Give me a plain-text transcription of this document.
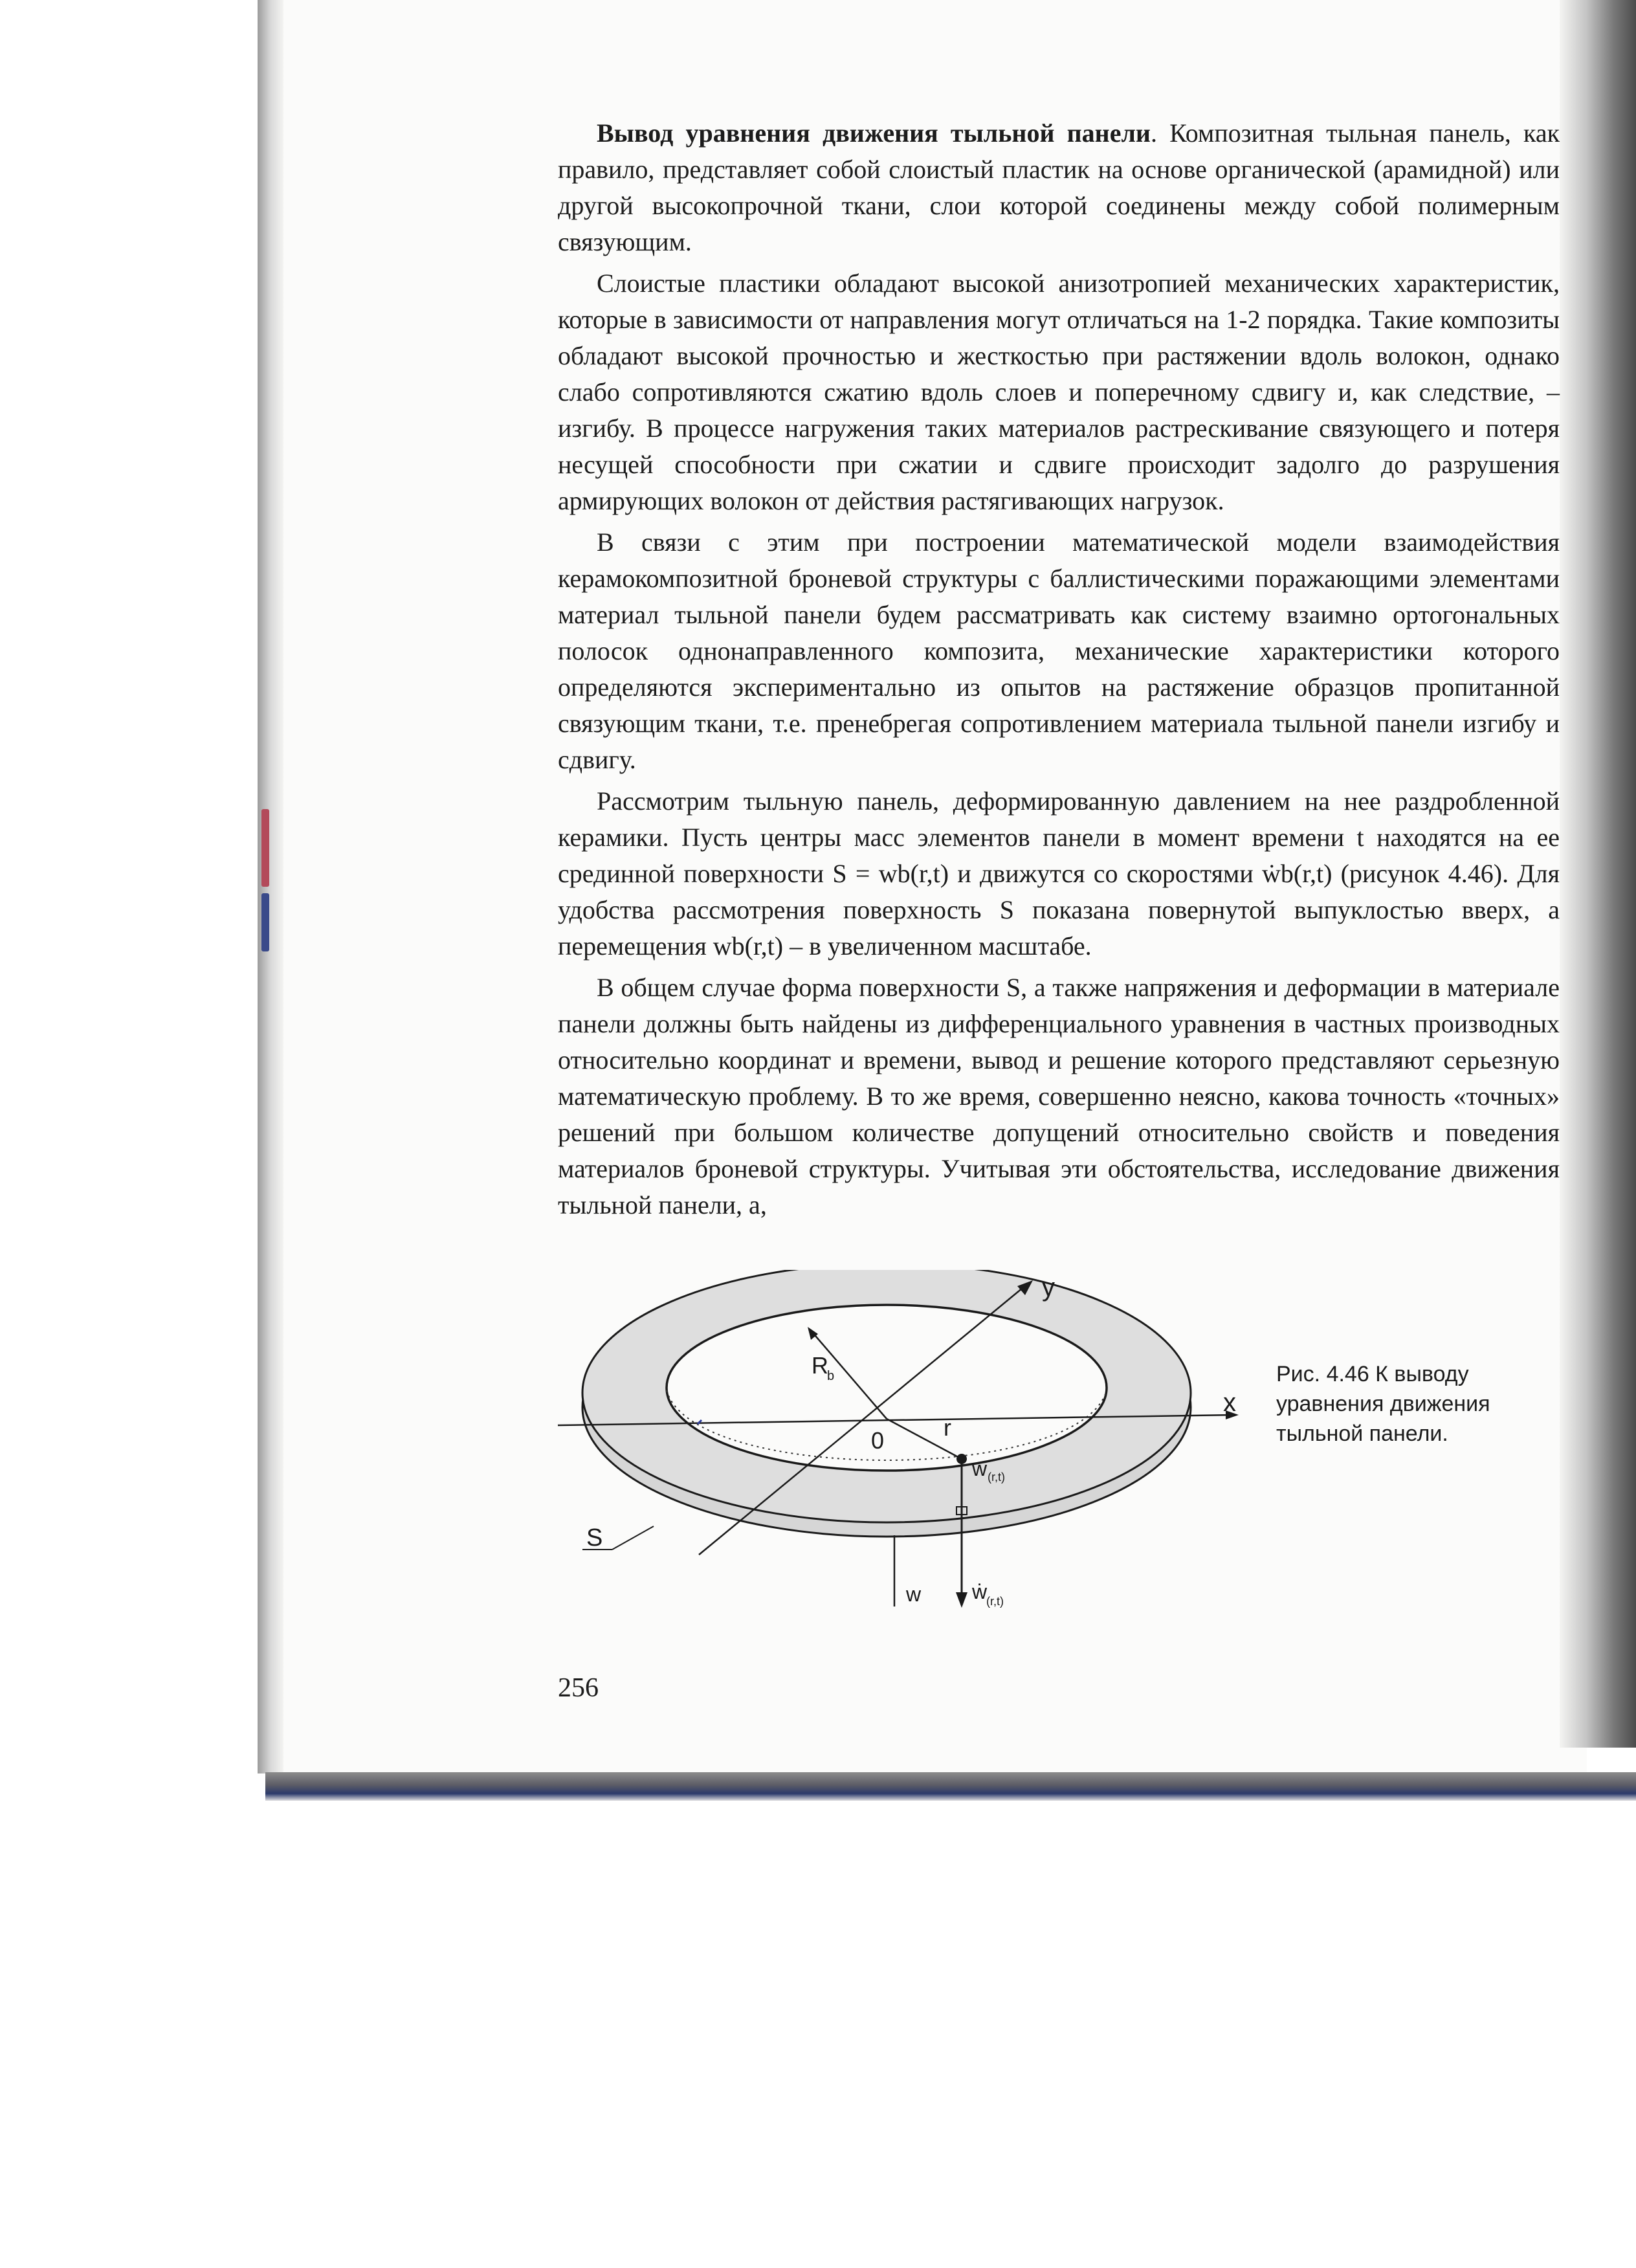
Вывод уравнения движения тыльной панели. Композитная тыльная панель, как правило, представляет собой слоистый пластик на основе органической (арамидной) или другой высокопрочной ткани, слои которой соединены между собой полимерным связующим.

Слоистые пластики обладают высокой анизотропией механических характеристик, которые в зависимости от направления могут отличаться на 1-2 порядка. Такие композиты обладают высокой прочностью и жесткостью при растяжении вдоль волокон, однако слабо сопротивляются сжатию вдоль слоев и поперечному сдвигу и, как следствие, – изгибу. В процессе нагружения таких материалов растрескивание связующего и потеря несущей способности при сжатии и сдвиге происходит задолго до разрушения армирующих волокон от действия растягивающих нагрузок.

В связи с этим при построении математической модели взаимодействия керамокомпозитной броневой структуры с баллистическими поражающими элементами материал тыльной панели будем рассматривать как систему взаимно ортогональных полосок однонаправленного композита, механические характеристики которого определяются экспериментально из опытов на растяжение образцов пропитанной связующим ткани, т.е. пренебрегая сопротивлением материала тыльной панели изгибу и сдвигу.

Рассмотрим тыльную панель, деформированную давлением на нее раздробленной керамики. Пусть центры масс элементов панели в момент времени t находятся на ее срединной поверхности S = wb(r,t) и движутся со скоростями ẇb(r,t) (рисунок 4.46). Для удобства рассмотрения поверхность S показана повернутой выпуклостью вверх, а перемещения wb(r,t) – в увеличенном масштабе.

В общем случае форма поверхности S, а также напряжения и деформации в материале панели должны быть найдены из дифференциального уравнения в частных производных относительно координат и времени, вывод и решение которого представляют серьезную математическую проблему. В то же время, совершенно неясно, какова точность «точных» решений при большом количестве допущений относительно свойств и поведения материалов броневой структуры. Учитывая эти обстоятельства, исследование движения тыльной панели, а,

y
x
R
b
0	r
w (r,t)
S
w ẇ
(r,t)
Рис. 4.46 К выводу уравнения движения тыльной панели.
256
